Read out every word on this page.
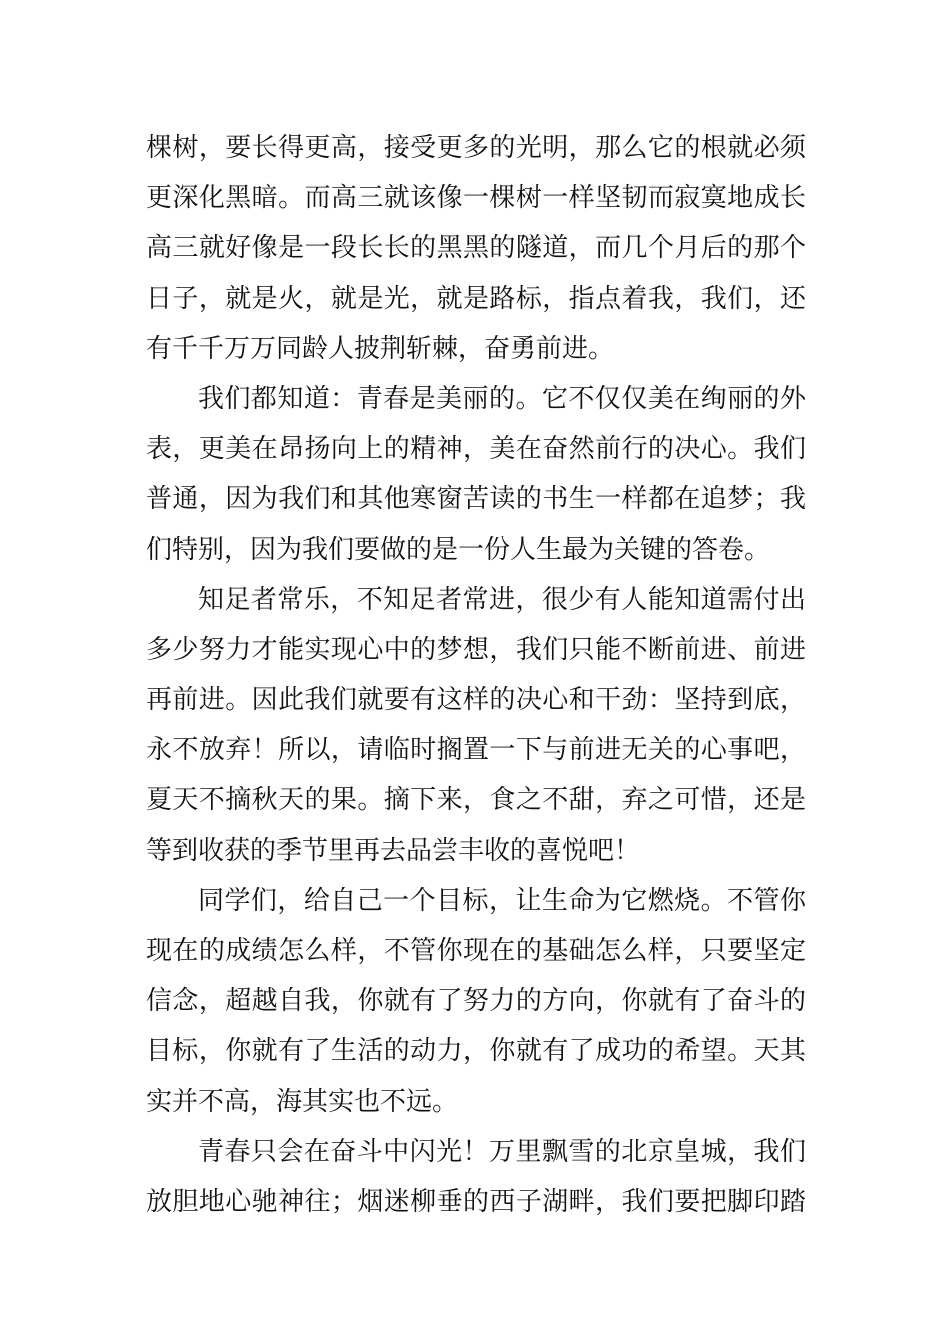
棵树，要长得更高，接受更多的光明，那么它的根就必须
更深化黑暗。而高三就该像一棵树一样坚韧而寂寞地成长
高三就好像是一段长长的黑黑的隧道，而几个月后的那个
日子，就是火，就是光，就是路标，指点着我，我们，还
有千千万万同龄人披荆斩棘，奋勇前进。
我们都知道：青春是美丽的。它不仅仅美在绚丽的外
表，更美在昂扬向上的精神，美在奋然前行的决心。我们
普通，因为我们和其他寒窗苦读的书生一样都在追梦；我
们特别，因为我们要做的是一份人生最为关键的答卷。
知足者常乐，不知足者常进，很少有人能知道需付出
多少努力才能实现心中的梦想，我们只能不断前进、前进
再前进。因此我们就要有这样的决心和干劲：坚持到底，
永不放弃！所以，请临时搁置一下与前进无关的心事吧，
夏天不摘秋天的果。摘下来，食之不甜，弃之可惜，还是
等到收获的季节里再去品尝丰收的喜悦吧！
同学们，给自己一个目标，让生命为它燃烧。不管你
现在的成绩怎么样，不管你现在的基础怎么样，只要坚定
信念，超越自我，你就有了努力的方向，你就有了奋斗的
目标，你就有了生活的动力，你就有了成功的希望。天其
实并不高，海其实也不远。
青春只会在奋斗中闪光！万里飘雪的北京皇城，我们
放胆地心驰神往；烟迷柳垂的西子湖畔，我们要把脚印踏
